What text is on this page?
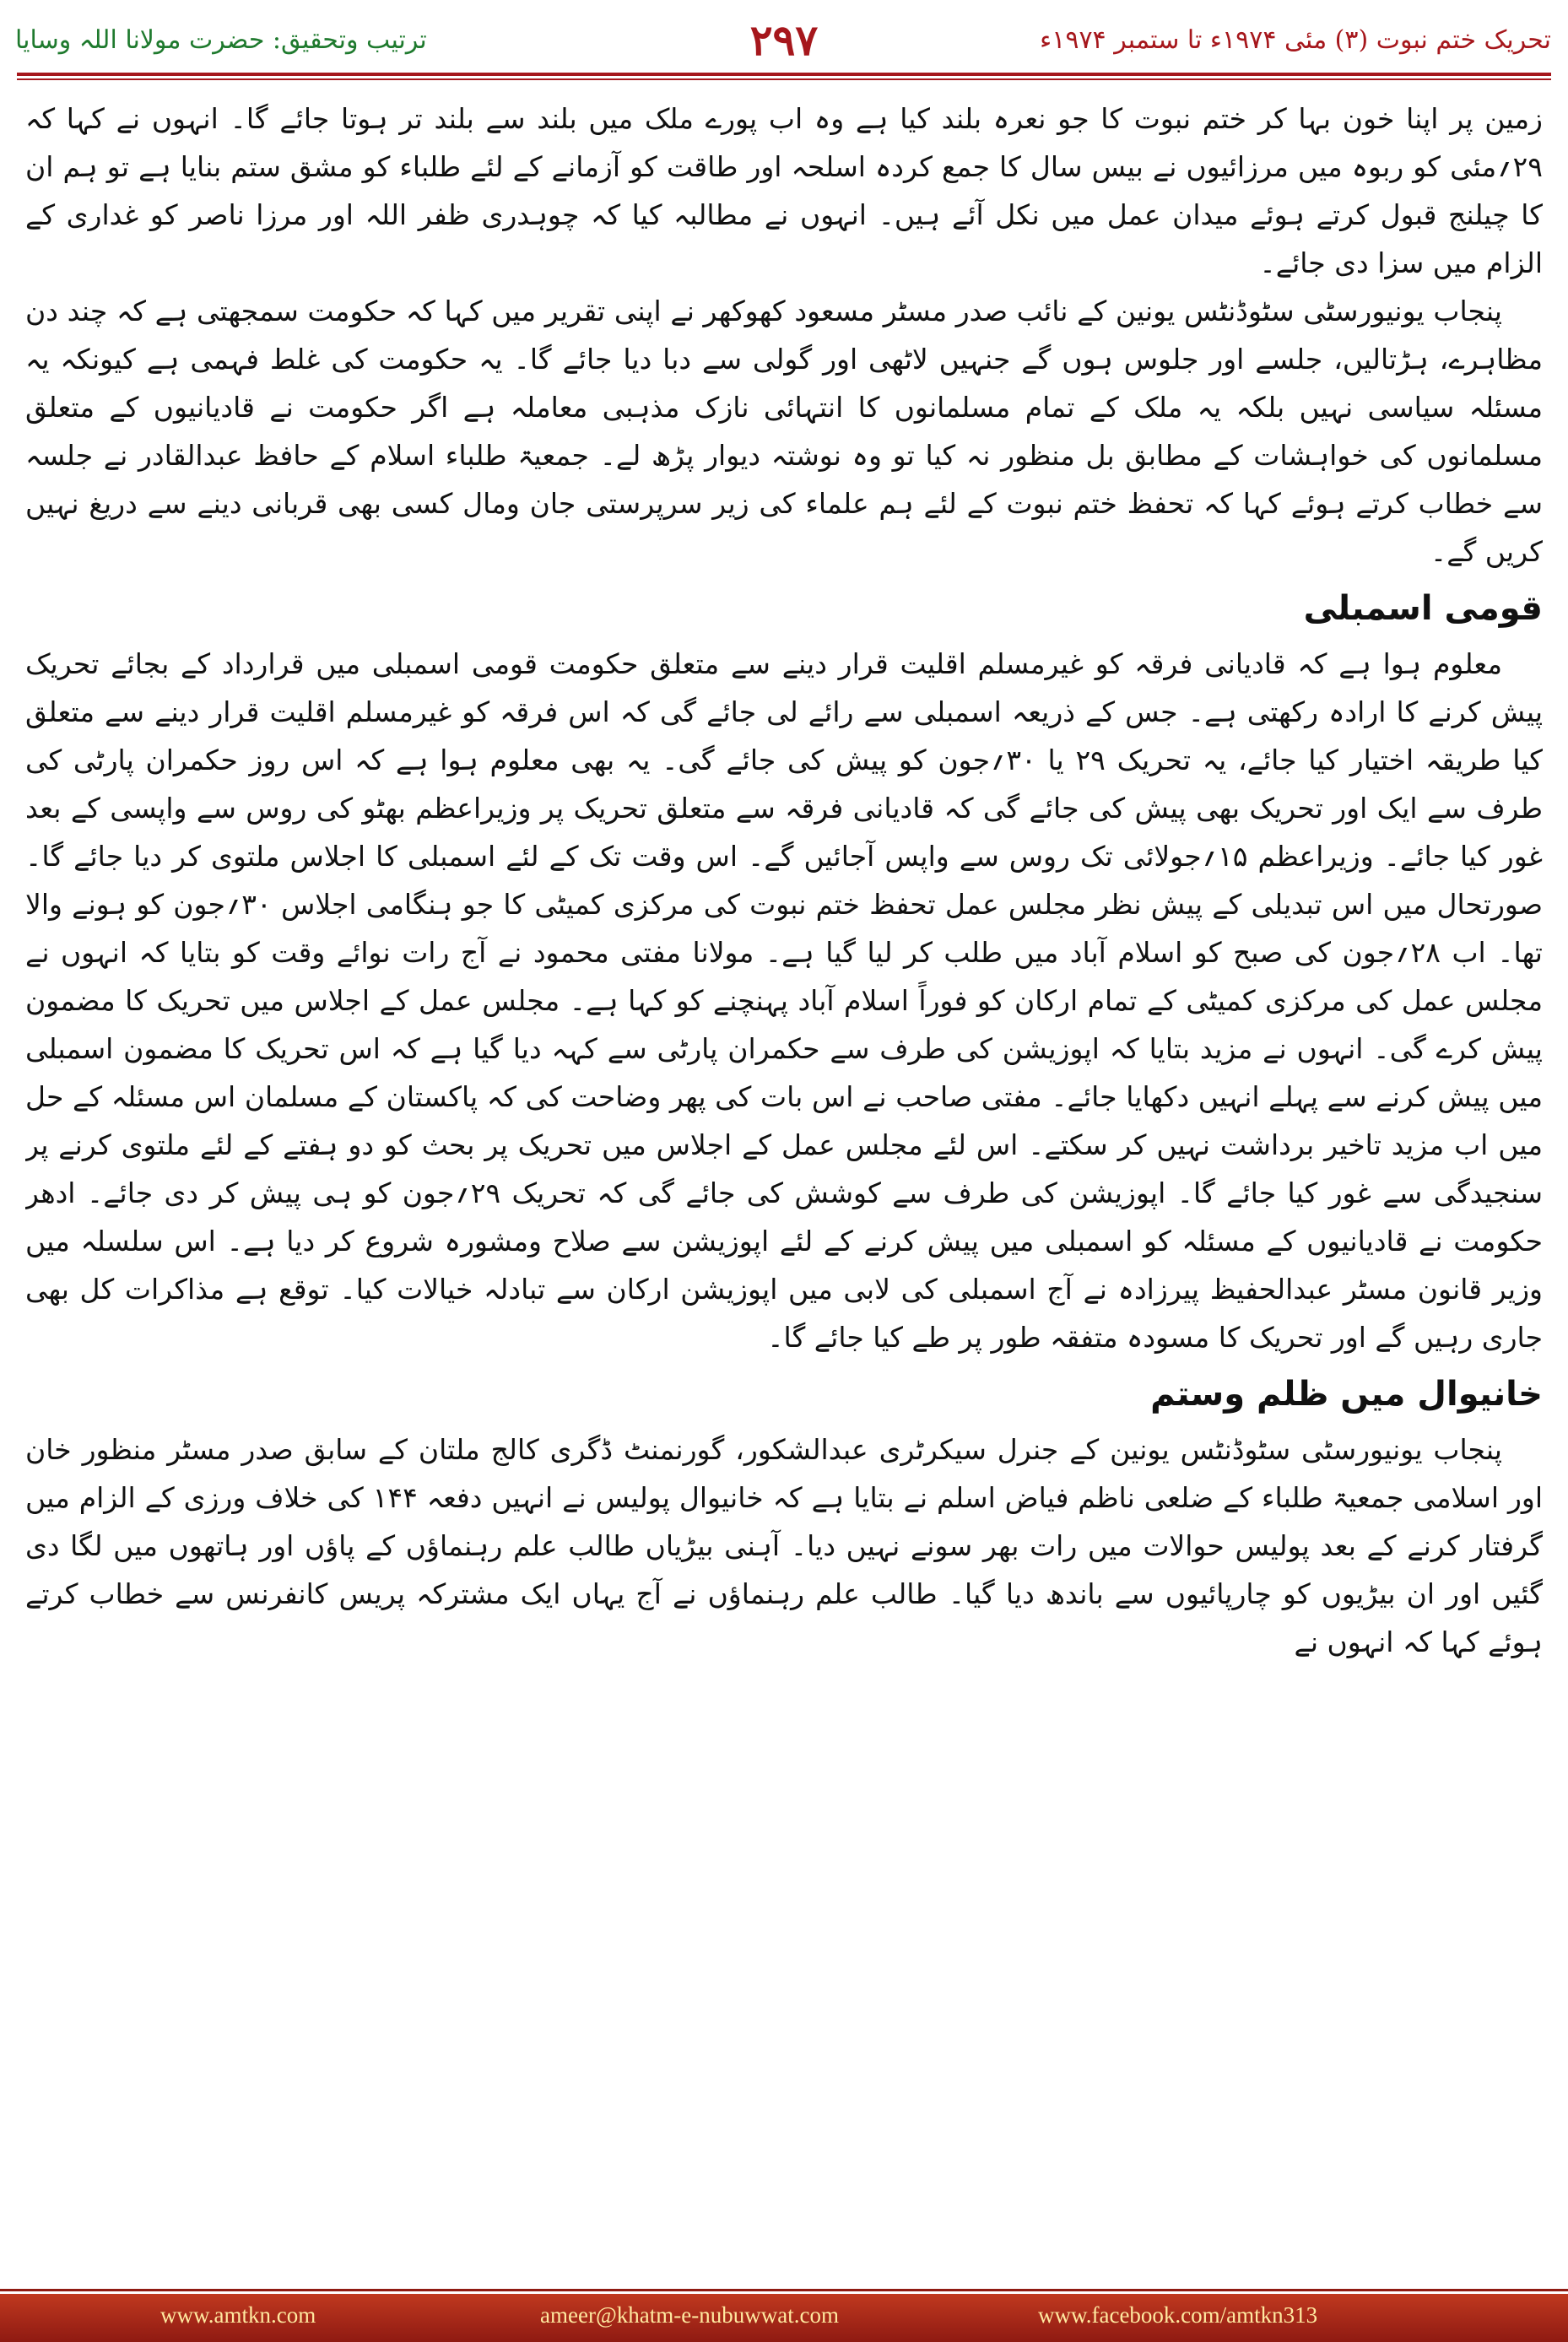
ترتیب وتحقیق: حضرت مولانا اللہ وسایا	۲۹۷	تحریک ختم نبوت (۳) مئی ۱۹۷۴ء تا ستمبر ۱۹۷۴ء

زمین پر اپنا خون بہا کر ختم نبوت کا جو نعرہ بلند کیا ہے وہ اب پورے ملک میں بلند سے بلند تر ہوتا جائے گا۔ انہوں نے کہا کہ ۲۹؍مئی کو ربوہ میں مرزائیوں نے بیس سال کا جمع کردہ اسلحہ اور طاقت کو آزمانے کے لئے طلباء کو مشق ستم بنایا ہے تو ہم ان کا چیلنج قبول کرتے ہوئے میدان عمل میں نکل آئے ہیں۔ انہوں نے مطالبہ کیا کہ چوہدری ظفر اللہ اور مرزا ناصر کو غداری کے الزام میں سزا دی جائے۔

پنجاب یونیورسٹی سٹوڈنٹس یونین کے نائب صدر مسٹر مسعود کھوکھر نے اپنی تقریر میں کہا کہ حکومت سمجھتی ہے کہ چند دن مظاہرے، ہڑتالیں، جلسے اور جلوس ہوں گے جنہیں لاٹھی اور گولی سے دبا دیا جائے گا۔ یہ حکومت کی غلط فہمی ہے کیونکہ یہ مسئلہ سیاسی نہیں بلکہ یہ ملک کے تمام مسلمانوں کا انتہائی نازک مذہبی معاملہ ہے اگر حکومت نے قادیانیوں کے متعلق مسلمانوں کی خواہشات کے مطابق بل منظور نہ کیا تو وہ نوشتہ دیوار پڑھ لے۔ جمعیۃ طلباء اسلام کے حافظ عبدالقادر نے جلسہ سے خطاب کرتے ہوئے کہا کہ تحفظ ختم نبوت کے لئے ہم علماء کی زیر سرپرستی جان ومال کسی بھی قربانی دینے سے دریغ نہیں کریں گے۔

قومی اسمبلی

معلوم ہوا ہے کہ قادیانی فرقہ کو غیرمسلم اقلیت قرار دینے سے متعلق حکومت قومی اسمبلی میں قرارداد کے بجائے تحریک پیش کرنے کا ارادہ رکھتی ہے۔ جس کے ذریعہ اسمبلی سے رائے لی جائے گی کہ اس فرقہ کو غیرمسلم اقلیت قرار دینے سے متعلق کیا طریقہ اختیار کیا جائے، یہ تحریک ۲۹ یا ۳۰؍جون کو پیش کی جائے گی۔ یہ بھی معلوم ہوا ہے کہ اس روز حکمران پارٹی کی طرف سے ایک اور تحریک بھی پیش کی جائے گی کہ قادیانی فرقہ سے متعلق تحریک پر وزیراعظم بھٹو کی روس سے واپسی کے بعد غور کیا جائے۔ وزیراعظم ۱۵؍جولائی تک روس سے واپس آجائیں گے۔ اس وقت تک کے لئے اسمبلی کا اجلاس ملتوی کر دیا جائے گا۔ صورتحال میں اس تبدیلی کے پیش نظر مجلس عمل تحفظ ختم نبوت کی مرکزی کمیٹی کا جو ہنگامی اجلاس ۳۰؍جون کو ہونے والا تھا۔ اب ۲۸؍جون کی صبح کو اسلام آباد میں طلب کر لیا گیا ہے۔ مولانا مفتی محمود نے آج رات نوائے وقت کو بتایا کہ انہوں نے مجلس عمل کی مرکزی کمیٹی کے تمام ارکان کو فوراً اسلام آباد پہنچنے کو کہا ہے۔ مجلس عمل کے اجلاس میں تحریک کا مضمون پیش کرے گی۔ انہوں نے مزید بتایا کہ اپوزیشن کی طرف سے حکمران پارٹی سے کہہ دیا گیا ہے کہ اس تحریک کا مضمون اسمبلی میں پیش کرنے سے پہلے انہیں دکھایا جائے۔ مفتی صاحب نے اس بات کی پھر وضاحت کی کہ پاکستان کے مسلمان اس مسئلہ کے حل میں اب مزید تاخیر برداشت نہیں کر سکتے۔ اس لئے مجلس عمل کے اجلاس میں تحریک پر بحث کو دو ہفتے کے لئے ملتوی کرنے پر سنجیدگی سے غور کیا جائے گا۔ اپوزیشن کی طرف سے کوشش کی جائے گی کہ تحریک ۲۹؍جون کو ہی پیش کر دی جائے۔ ادھر حکومت نے قادیانیوں کے مسئلہ کو اسمبلی میں پیش کرنے کے لئے اپوزیشن سے صلاح ومشورہ شروع کر دیا ہے۔ اس سلسلہ میں وزیر قانون مسٹر عبدالحفیظ پیرزادہ نے آج اسمبلی کی لابی میں اپوزیشن ارکان سے تبادلہ خیالات کیا۔ توقع ہے مذاکرات کل بھی جاری رہیں گے اور تحریک کا مسودہ متفقہ طور پر طے کیا جائے گا۔

خانیوال میں ظلم وستم

پنجاب یونیورسٹی سٹوڈنٹس یونین کے جنرل سیکرٹری عبدالشکور، گورنمنٹ ڈگری کالج ملتان کے سابق صدر مسٹر منظور خان اور اسلامی جمعیۃ طلباء کے ضلعی ناظم فیاض اسلم نے بتایا ہے کہ خانیوال پولیس نے انہیں دفعہ ۱۴۴ کی خلاف ورزی کے الزام میں گرفتار کرنے کے بعد پولیس حوالات میں رات بھر سونے نہیں دیا۔ آہنی بیڑیاں طالب علم رہنماؤں کے پاؤں اور ہاتھوں میں لگا دی گئیں اور ان بیڑیوں کو چارپائیوں سے باندھ دیا گیا۔ طالب علم رہنماؤں نے آج یہاں ایک مشترکہ پریس کانفرنس سے خطاب کرتے ہوئے کہا کہ انہوں نے

www.amtkn.com	ameer@khatm-e-nubuwwat.com	www.facebook.com/amtkn313
